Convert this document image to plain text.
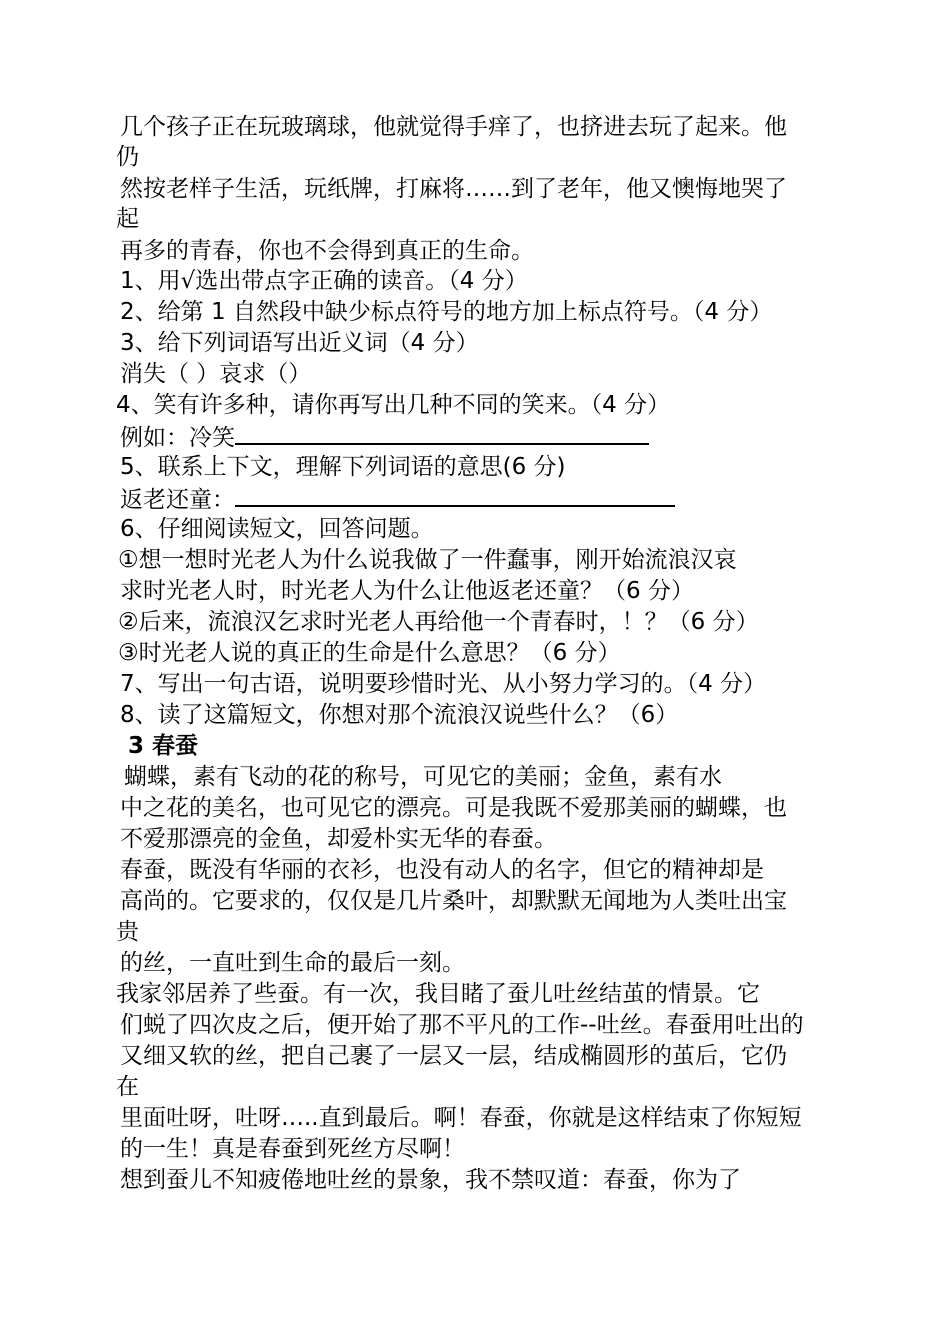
几个孩子正在玩玻璃球，他就觉得手痒了，也挤进去玩了起来。他
仍
然按老样子生活，玩纸牌，打麻将……到了老年，他又懊悔地哭了
起
再多的青春，你也不会得到真正的生命。
1、用√选出带点字正确的读音。（4 分）
2、给第 1 自然段中缺少标点符号的地方加上标点符号。（4 分）
3、给下列词语写出近义词（4 分）
消失（ ）哀求（）
4、笑有许多种，请你再写出几种不同的笑来。（4 分）
例如：冷笑
5、联系上下文，理解下列词语的意思(6 分)
返老还童：
6、仔细阅读短文，回答问题。
①想一想时光老人为什么说我做了一件蠢事，刚开始流浪汉哀
求时光老人时，时光老人为什么让他返老还童？（6 分）
②后来，流浪汉乞求时光老人再给他一个青春时，！？（6 分）
③时光老人说的真正的生命是什么意思？（6 分）
7、写出一句古语，说明要珍惜时光、从小努力学习的。（4 分）
8、读了这篇短文，你想对那个流浪汉说些什么？（6）
3 春蚕
蝴蝶，素有飞动的花的称号，可见它的美丽；金鱼，素有水
中之花的美名，也可见它的漂亮。可是我既不爱那美丽的蝴蝶，也
不爱那漂亮的金鱼，却爱朴实无华的春蚕。
春蚕，既没有华丽的衣衫，也没有动人的名字，但它的精神却是
高尚的。它要求的，仅仅是几片桑叶，却默默无闻地为人类吐出宝
贵
的丝，一直吐到生命的最后一刻。
我家邻居养了些蚕。有一次，我目睹了蚕儿吐丝结茧的情景。它
们蜕了四次皮之后，便开始了那不平凡的工作--吐丝。春蚕用吐出的
又细又软的丝，把自己裹了一层又一层，结成椭圆形的茧后，它仍
在
里面吐呀，吐呀…..直到最后。啊！春蚕，你就是这样结束了你短短
的一生！真是春蚕到死丝方尽啊！
想到蚕儿不知疲倦地吐丝的景象，我不禁叹道：春蚕，你为了
